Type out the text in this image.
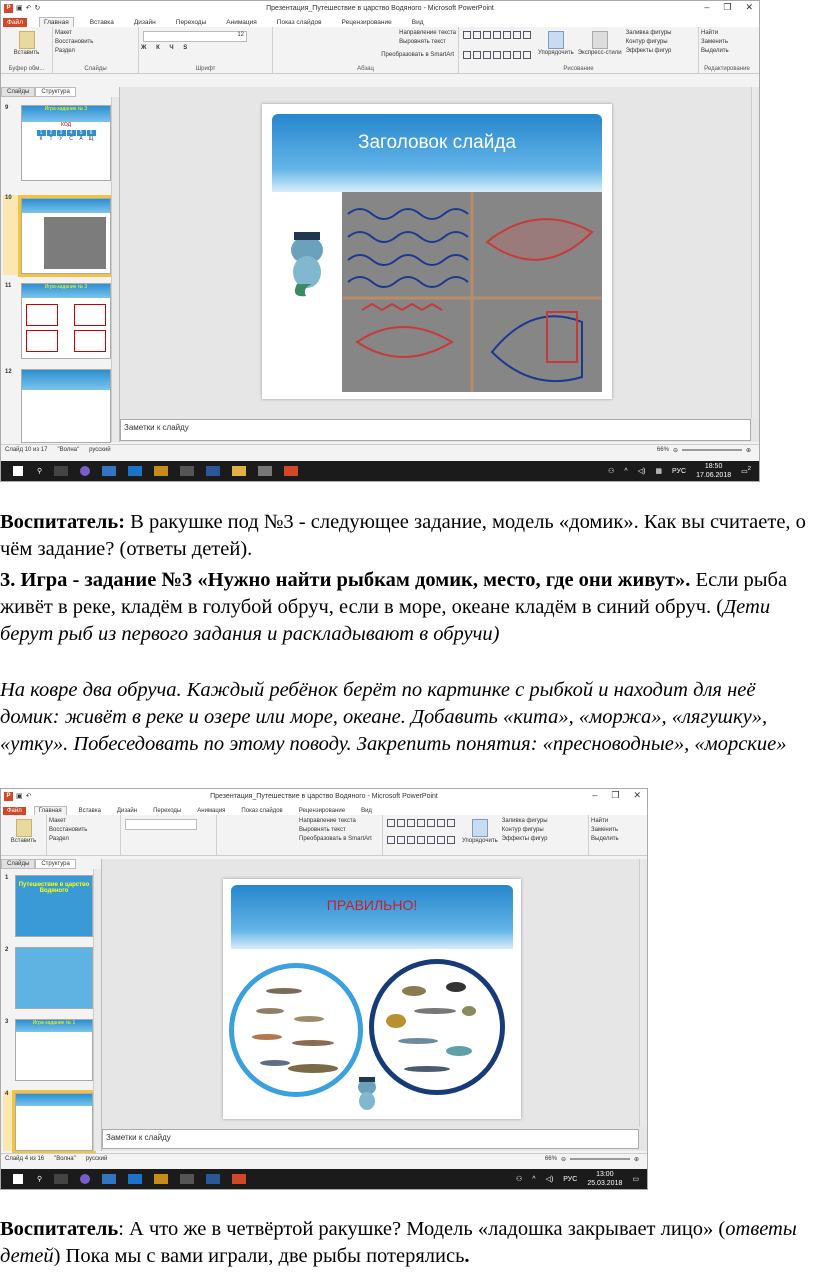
P ▣ ↶ ↻	Презентация_Путешествие в царство Водяного - Microsoft PowerPoint	– ❐ ✕
Файл	Главная	Вставка	Дизайн	Переходы	Анимация	Показ слайдов	Рецензирование	Вид
Вставить
Буфер обм...
Макет
Восстановить
Раздел
Слайды
12
Ж К Ч S
Шрифт
Направление текста
Выровнять текст
Преобразовать в SmartArt
Абзац
Упорядочить Экспресс-стили
Заливка фигуры
Контур фигуры
Эффекты фигур
Рисование
Найти
Заменить
Выделить
Редактирование
Слайды	Структура
9	Игра-задание № 3
КОД
1	2	3	4	5	6
К	Т	У	С	А	Щ
10
11	Игра-задание № 3
12
Заголовок слайда
Заметки к слайду
Слайд 10 из 17 "Волна" русский	66% ⊖	⊕
⚲	⚇ ^ ◁) ▦ РУС
18:50
17.06.2018 ▭$^2$

Воспитатель: В ракушке под №3 - следующее задание, модель «домик». Как вы считаете, о чём задание? (ответы детей).

3. Игра - задание №3 «Нужно найти рыбкам домик, место, где они живут». Если рыба живёт в реке, кладём в голубой обруч, если в море, океане кладём в синий обруч. (Дети берут рыб из первого задания и раскладывают в обручи)

На ковре два обруча. Каждый ребёнок берёт по картинке с рыбкой и находит для неё домик: живёт в реке и озере или море, океане. Добавить «кита», «моржа», «лягушку», «утку». Побеседовать по этому поводу. Закрепить понятия: «пресноводные», «морские»

P ▣ ↶	Презентация_Путешествие в царство Водяного - Microsoft PowerPoint	– ❐ ✕
Файл	Главная	Вставка	Дизайн	Переходы	Анимация	Показ слайдов	Рецензирование	Вид
Вставить
Макет
Восстановить
Раздел
Направление текста
Выровнять текст
Преобразовать в SmartArt	Упорядочить
Заливка фигуры
Контур фигуры
Эффекты фигур
Найти
Заменить
Выделить
Слайды	Структура
1
Путешествие в царство Водяного
2
3	Игра-задание № 1
4
ПРАВИЛЬНО!
Заметки к слайду
Слайд 4 из 16 "Волна" русский	66% ⊖	⊕
⚲	⚇ ^ ◁) РУС
13:00
25.03.2018
▭

Воспитатель: А что же в четвёртой ракушке? Модель «ладошка закрывает лицо» (ответы детей) Пока мы с вами играли, две рыбы потерялись.
